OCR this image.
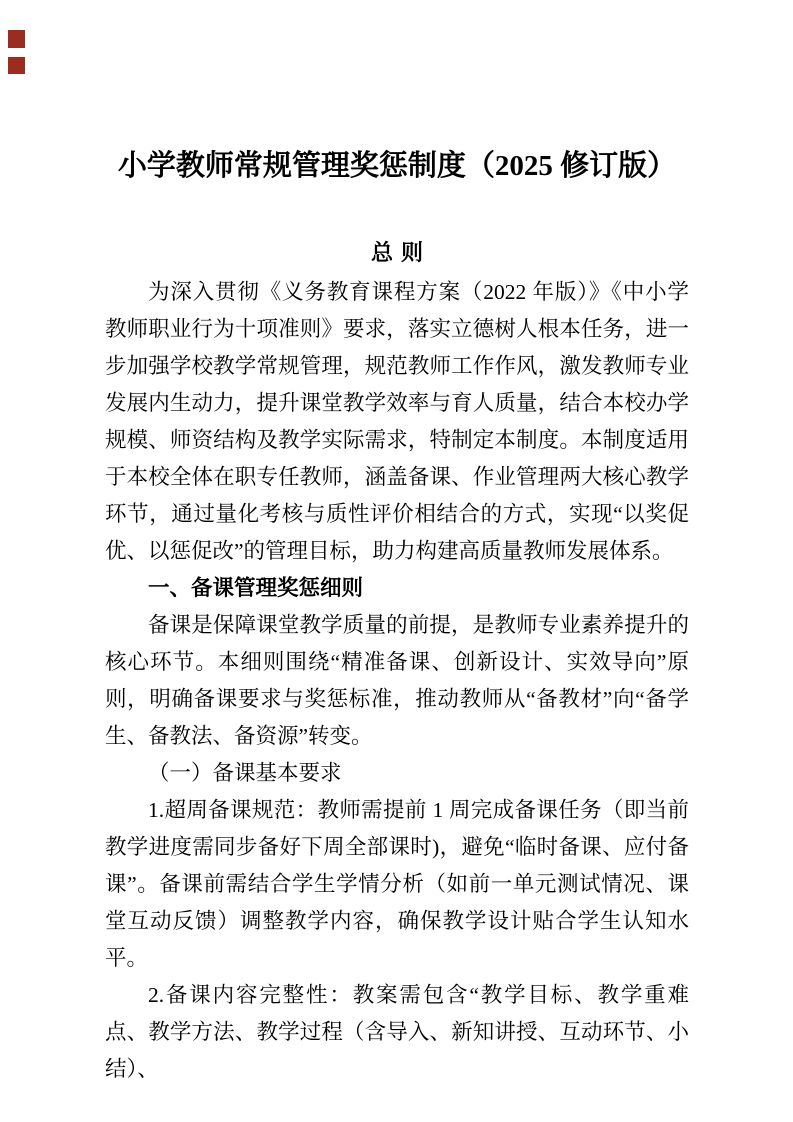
小学教师常规管理奖惩制度（2025 修订版）
总则

为深入贯彻《义务教育课程方案（2022 年版）》《中小学教师职业行为十项准则》要求，落实立德树人根本任务，进一步加强学校教学常规管理，规范教师工作作风，激发教师专业发展内生动力，提升课堂教学效率与育人质量，结合本校办学规模、师资结构及教学实际需求，特制定本制度。本制度适用于本校全体在职专任教师，涵盖备课、作业管理两大核心教学环节，通过量化考核与质性评价相结合的方式，实现“以奖促优、以惩促改”的管理目标，助力构建高质量教师发展体系。

一、备课管理奖惩细则

备课是保障课堂教学质量的前提，是教师专业素养提升的核心环节。本细则围绕“精准备课、创新设计、实效导向”原则，明确备课要求与奖惩标准，推动教师从“备教材”向“备学生、备教法、备资源”转变。

（一）备课基本要求

1.超周备课规范：教师需提前 1 周完成备课任务（即当前教学进度需同步备好下周全部课时)，避免“临时备课、应付备课”。备课前需结合学生学情分析（如前一单元测试情况、课堂互动反馈）调整教学内容，确保教学设计贴合学生认知水平。

2.备课内容完整性：教案需包含“教学目标、教学重难点、教学方法、教学过程（含导入、新知讲授、互动环节、小结）、
